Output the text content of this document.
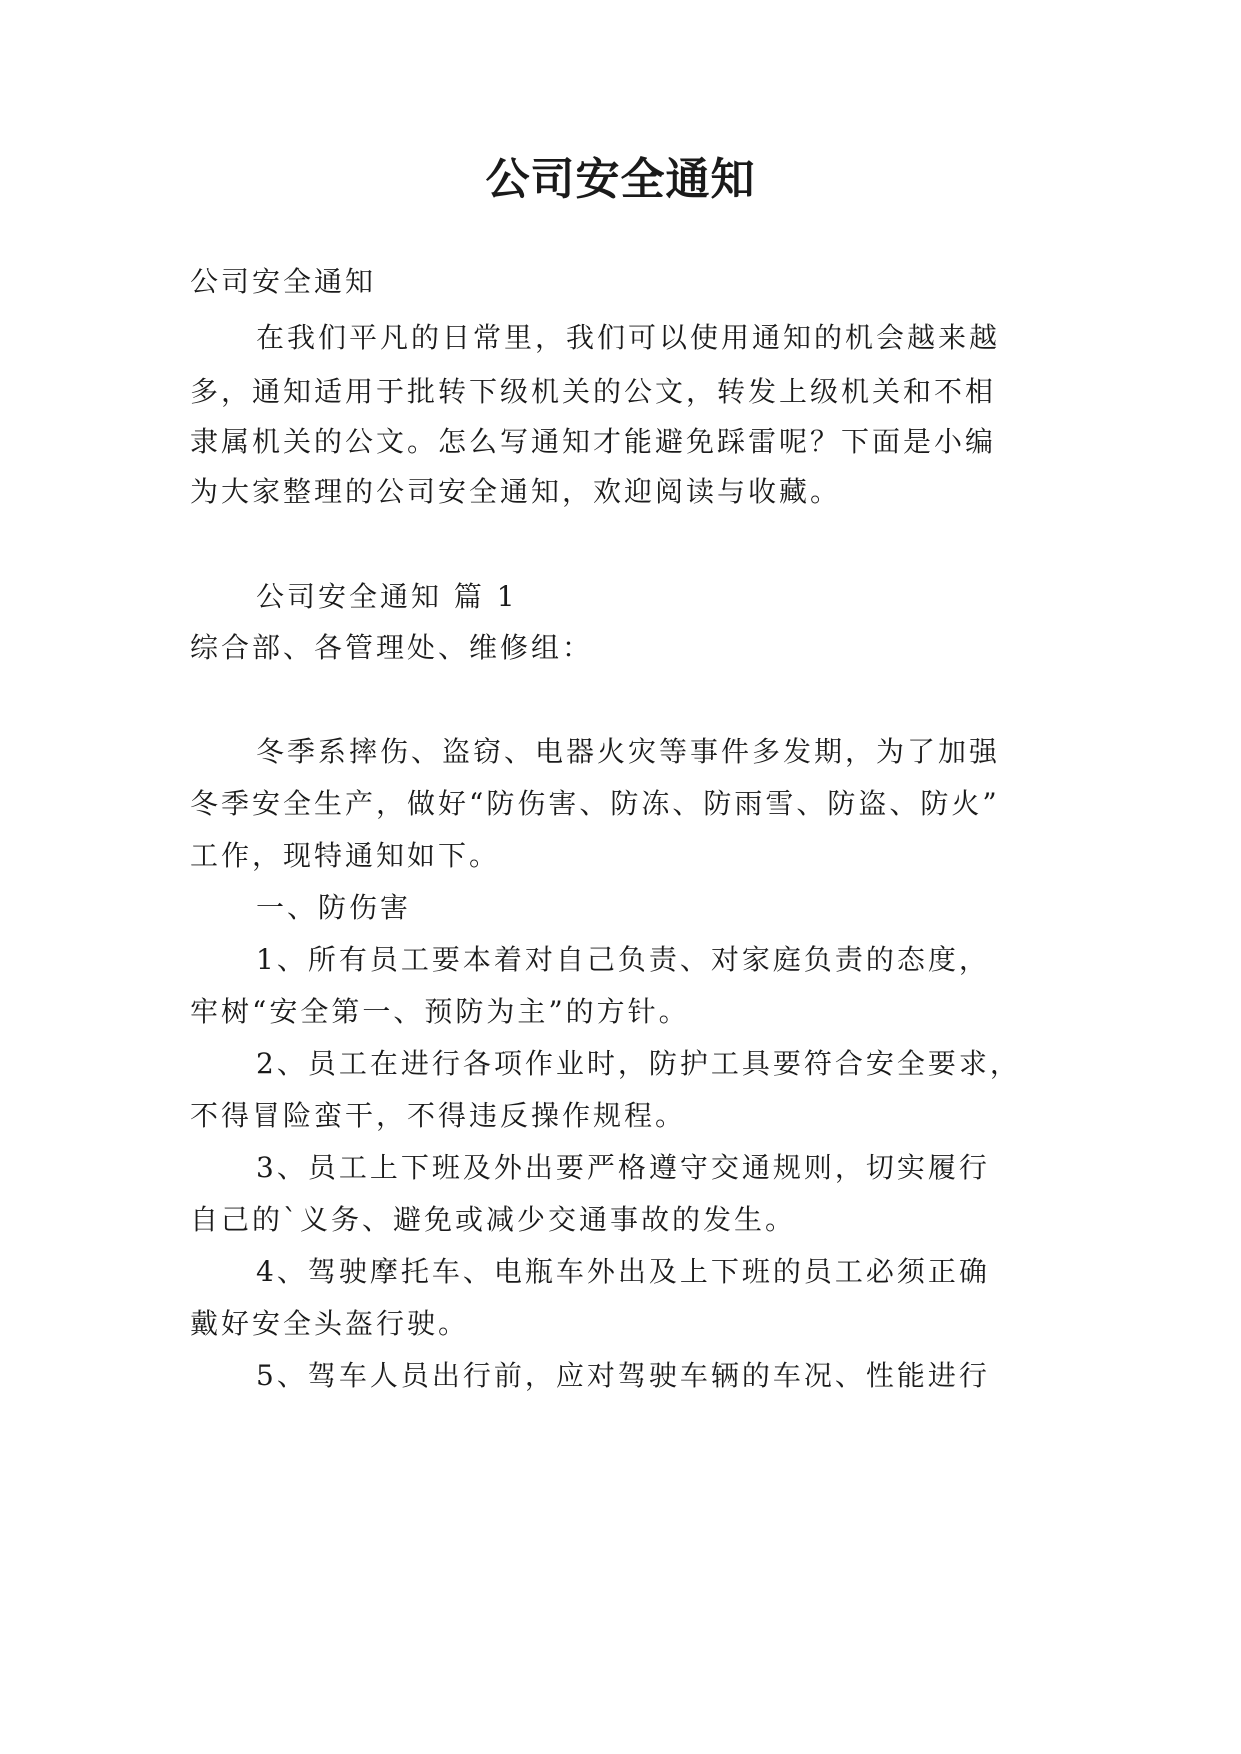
公司安全通知
公司安全通知
在我们平凡的日常里，我们可以使用通知的机会越来越
多，通知适用于批转下级机关的公文，转发上级机关和不相
隶属机关的公文。怎么写通知才能避免踩雷呢？下面是小编
为大家整理的公司安全通知，欢迎阅读与收藏。
公司安全通知 篇 1
综合部、各管理处、维修组：
冬季系摔伤、盗窃、电器火灾等事件多发期，为了加强
冬季安全生产，做好“防伤害、防冻、防雨雪、防盗、防火”
工作，现特通知如下。
一、防伤害
1、所有员工要本着对自己负责、对家庭负责的态度，
牢树“安全第一、预防为主”的方针。
2、员工在进行各项作业时，防护工具要符合安全要求，
不得冒险蛮干，不得违反操作规程。
3、员工上下班及外出要严格遵守交通规则，切实履行
自己的`义务、避免或减少交通事故的发生。
4、驾驶摩托车、电瓶车外出及上下班的员工必须正确
戴好安全头盔行驶。
5、驾车人员出行前，应对驾驶车辆的车况、性能进行
